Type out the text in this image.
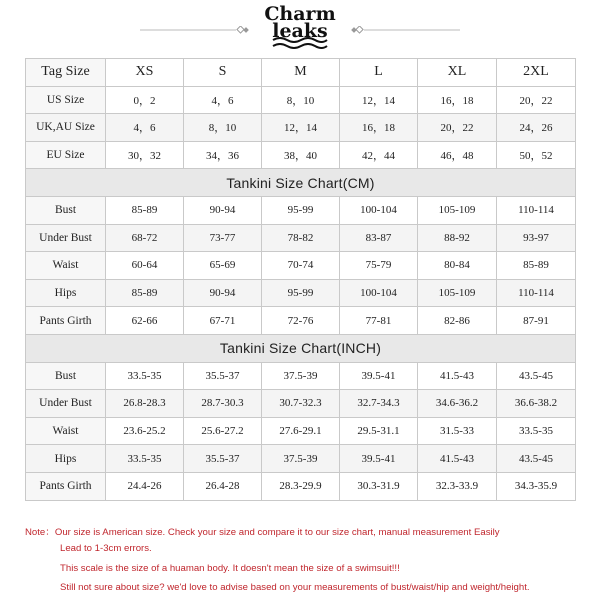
Charm
leaks
Tag Size	XS	S	M	L	XL	2XL
US Size	0，2	4，6	8，10	12，14	16，18	20，22
UK,AU Size	4，6	8，10	12，14	16，18	20，22	24，26
EU Size	30，32	34，36	38，40	42，44	46，48	50，52
Tankini Size Chart(CM)						
Bust	85-89	90-94	95-99	100-104	105-109	110-114
Under Bust	68-72	73-77	78-82	83-87	88-92	93-97
Waist	60-64	65-69	70-74	75-79	80-84	85-89
Hips	85-89	90-94	95-99	100-104	105-109	110-114
Pants Girth	62-66	67-71	72-76	77-81	82-86	87-91
Tankini Size Chart(INCH)						
Bust	33.5-35	35.5-37	37.5-39	39.5-41	41.5-43	43.5-45
Under Bust	26.8-28.3	28.7-30.3	30.7-32.3	32.7-34.3	34.6-36.2	36.6-38.2
Waist	23.6-25.2	25.6-27.2	27.6-29.1	29.5-31.1	31.5-33	33.5-35
Hips	33.5-35	35.5-37	37.5-39	39.5-41	41.5-43	43.5-45
Pants Girth	24.4-26	26.4-28	28.3-29.9	30.3-31.9	32.3-33.9	34.3-35.9
Note：Our size is American size. Check your size and compare it to our size chart, manual measurement Easily
Lead to 1-3cm errors.
This scale is the size of a huaman body. It doesn't mean the size of a swimsuit!!!
Still not sure about size? we'd love to advise based on your measurements of bust/waist/hip and weight/height.
